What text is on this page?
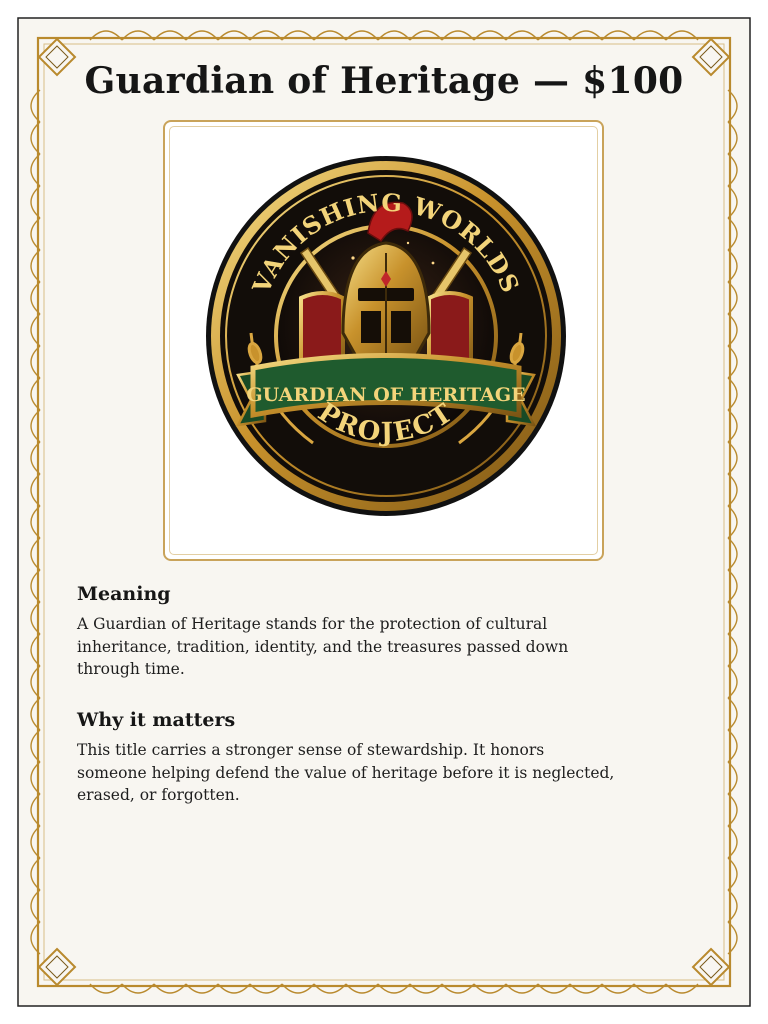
Guardian of Heritage — $100
VANISHING WORLDS
GUARDIAN OF HERITAGE
PROJECT
Meaning
A Guardian of Heritage stands for the protection of cultural inheritance, tradition, identity, and the treasures passed down through time.
Why it matters
This title carries a stronger sense of stewardship. It honors someone helping defend the value of heritage before it is neglected, erased, or forgotten.
